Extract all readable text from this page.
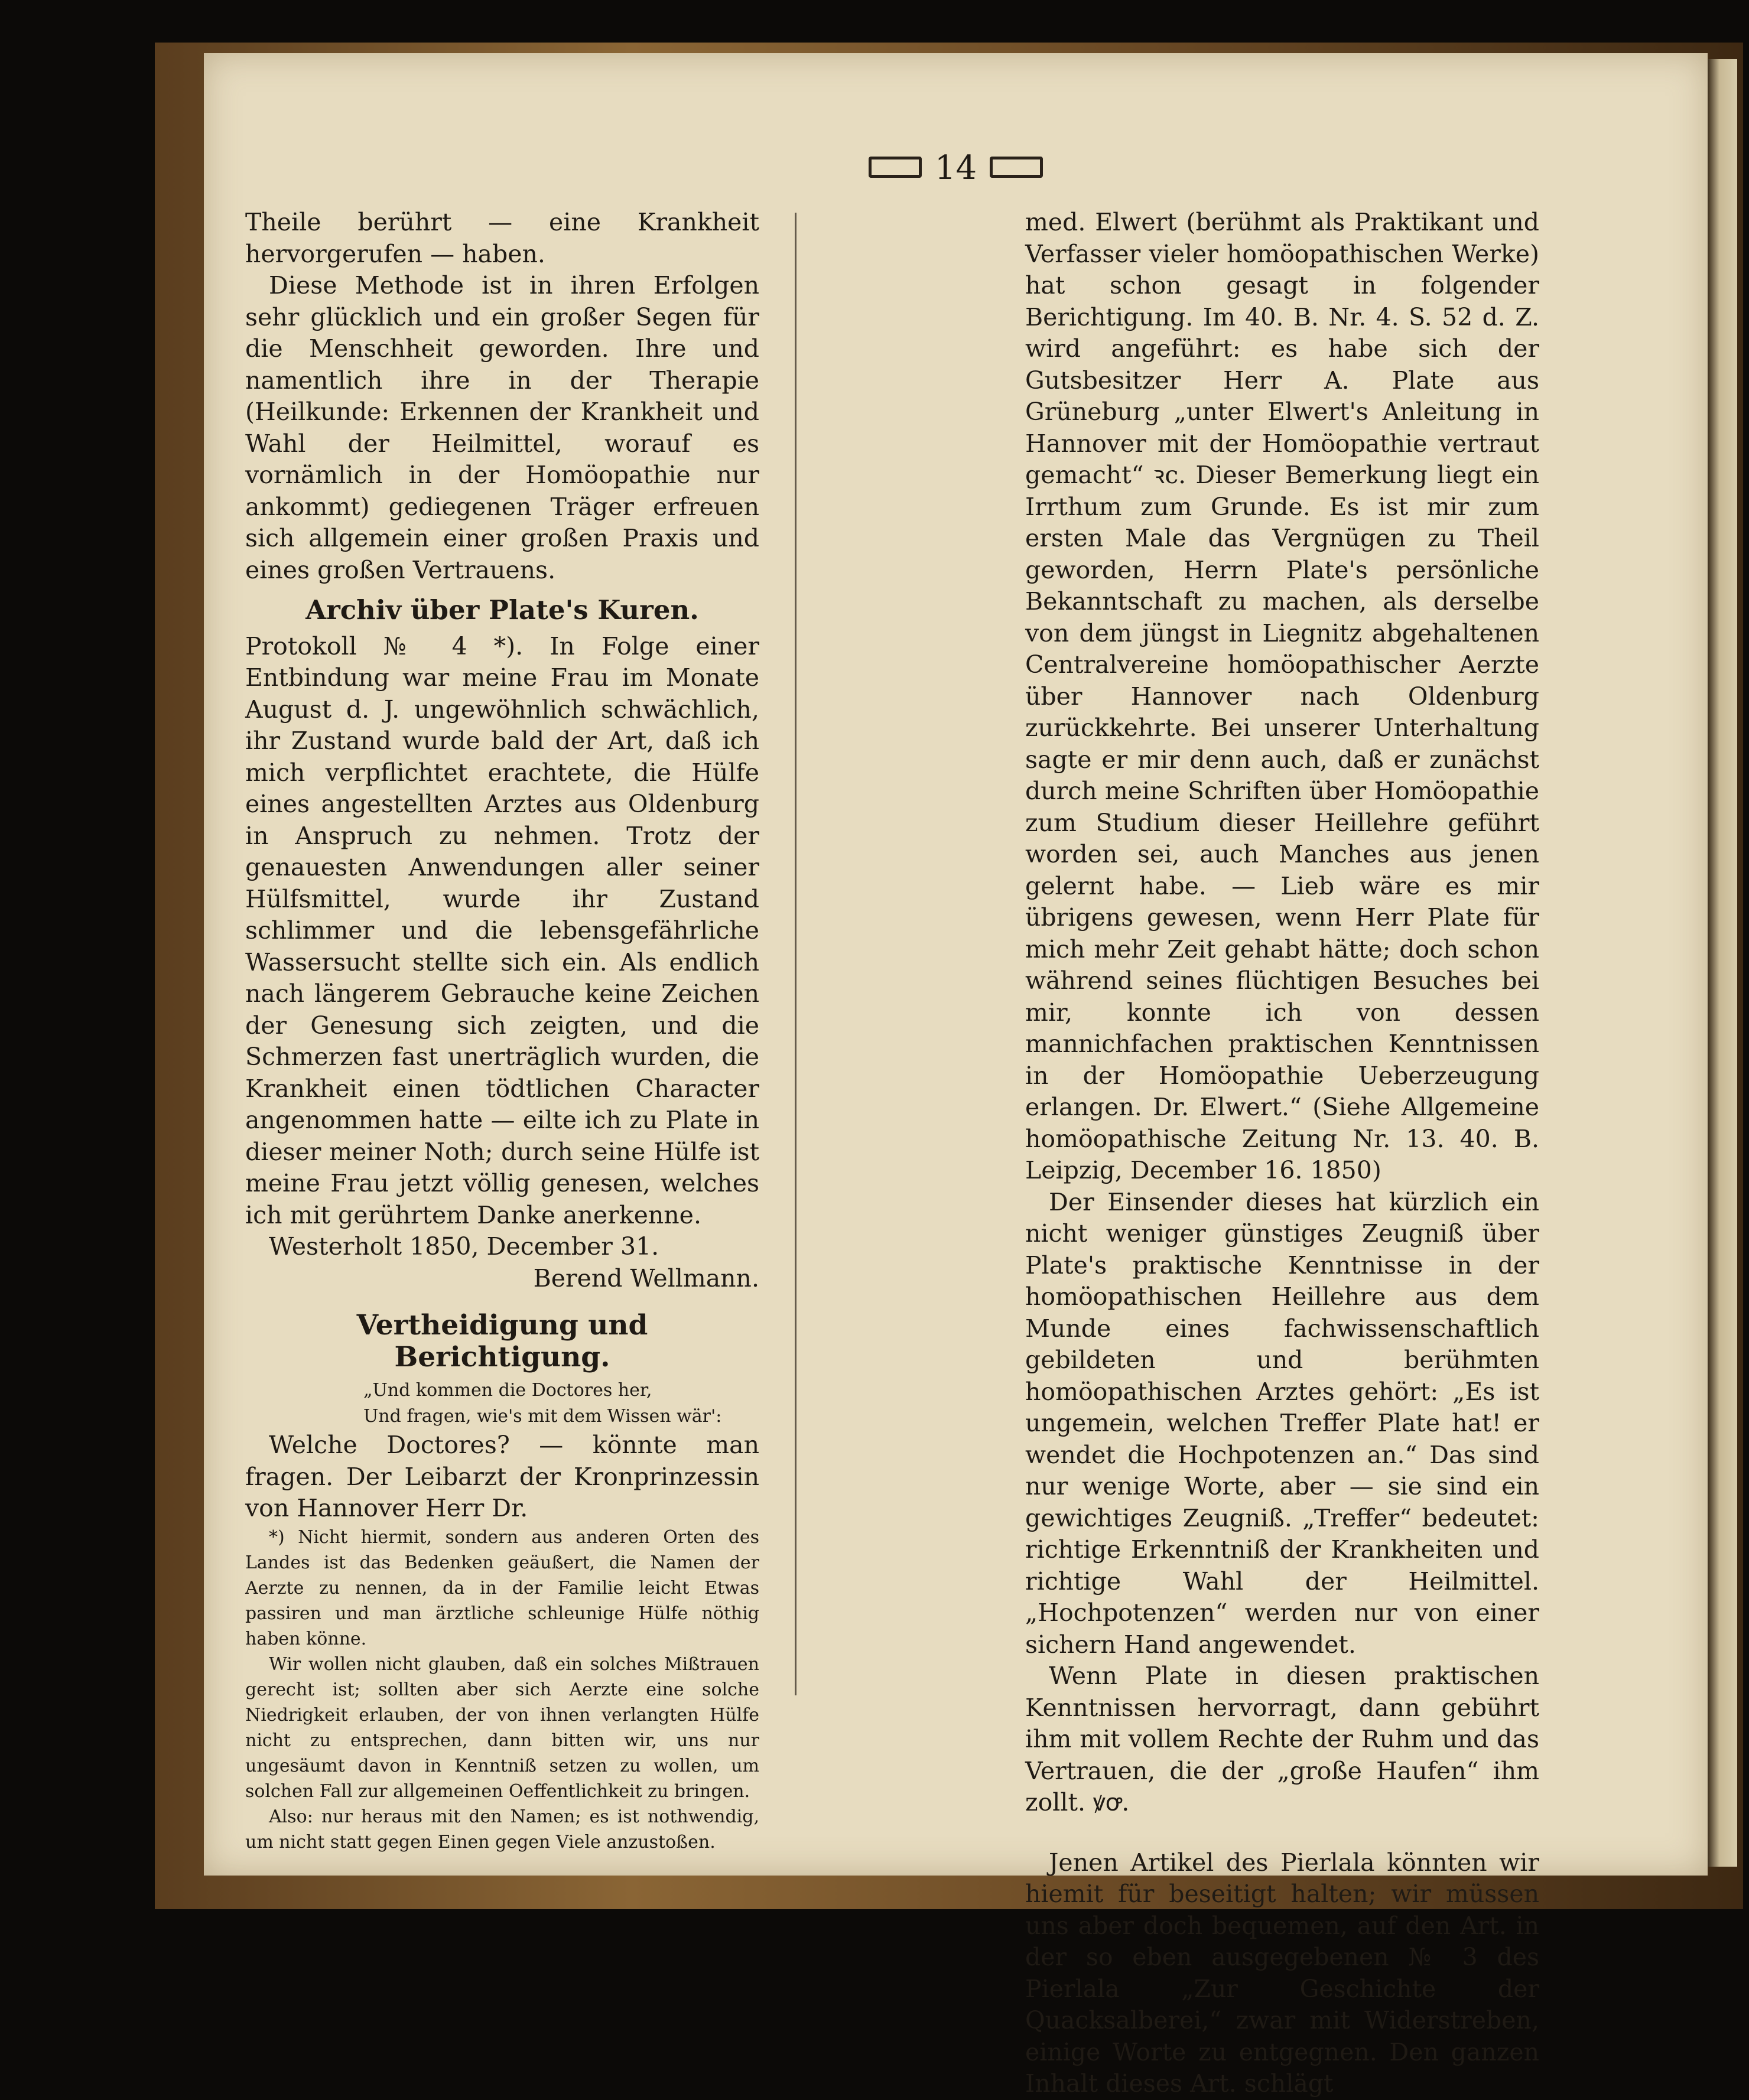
14

Theile berührt — eine Krankheit hervorgerufen — haben.

Diese Methode ist in ihren Erfolgen sehr glücklich und ein großer Segen für die Menschheit geworden. Ihre und namentlich ihre in der Therapie (Heilkunde: Erkennen der Krankheit und Wahl der Heilmittel, worauf es vornämlich in der Homöopathie nur ankommt) gediegenen Träger erfreuen sich allgemein einer großen Praxis und eines großen Vertrauens.

Archiv über Plate's Kuren.

Protokoll № 4 *). In Folge einer Entbindung war meine Frau im Monate August d. J. ungewöhnlich schwächlich, ihr Zustand wurde bald der Art, daß ich mich verpflichtet erachtete, die Hülfe eines angestellten Arztes aus Oldenburg in Anspruch zu nehmen. Trotz der genauesten Anwendungen aller seiner Hülfsmittel, wurde ihr Zustand schlimmer und die lebensgefährliche Wassersucht stellte sich ein. Als endlich nach längerem Gebrauche keine Zeichen der Genesung sich zeigten, und die Schmerzen fast unerträglich wurden, die Krankheit einen tödtlichen Character angenommen hatte — eilte ich zu Plate in dieser meiner Noth; durch seine Hülfe ist meine Frau jetzt völlig genesen, welches ich mit gerührtem Danke anerkenne.

Westerholt 1850, December 31.

Berend Wellmann.

Vertheidigung und Berichtigung.

„Und kommen die Doctores her,

Und fragen, wie's mit dem Wissen wär':

Welche Doctores? — könnte man fragen. Der Leibarzt der Kronprinzessin von Hannover Herr Dr.

*) Nicht hiermit, sondern aus anderen Orten des Landes ist das Bedenken geäußert, die Namen der Aerzte zu nennen, da in der Familie leicht Etwas passiren und man ärztliche schleunige Hülfe nöthig haben könne.

Wir wollen nicht glauben, daß ein solches Mißtrauen gerecht ist; sollten aber sich Aerzte eine solche Niedrigkeit erlauben, der von ihnen verlangten Hülfe nicht zu entsprechen, dann bitten wir, uns nur ungesäumt davon in Kenntniß setzen zu wollen, um solchen Fall zur allgemeinen Oeffentlichkeit zu bringen.

Also: nur heraus mit den Namen; es ist nothwendig, um nicht statt gegen Einen gegen Viele anzustoßen.

med. Elwert (berühmt als Praktikant und Verfasser vieler homöopathischen Werke) hat schon gesagt in folgender Berichtigung. Im 40. B. Nr. 4. S. 52 d. Z. wird angeführt: es habe sich der Gutsbesitzer Herr A. Plate aus Grüneburg „unter Elwert's Anleitung in Hannover mit der Homöopathie vertraut gemacht“ ꝛc. Dieser Bemerkung liegt ein Irrthum zum Grunde. Es ist mir zum ersten Male das Vergnügen zu Theil geworden, Herrn Plate's persönliche Bekanntschaft zu machen, als derselbe von dem jüngst in Liegnitz abgehaltenen Centralvereine homöopathischer Aerzte über Hannover nach Oldenburg zurückkehrte. Bei unserer Unterhaltung sagte er mir denn auch, daß er zunächst durch meine Schriften über Homöopathie zum Studium dieser Heillehre geführt worden sei, auch Manches aus jenen gelernt habe. — Lieb wäre es mir übrigens gewesen, wenn Herr Plate für mich mehr Zeit gehabt hätte; doch schon während seines flüchtigen Besuches bei mir, konnte ich von dessen mannichfachen praktischen Kenntnissen in der Homöopathie Ueberzeugung erlangen. Dr. Elwert.“ (Siehe Allgemeine homöopathische Zeitung Nr. 13. 40. B. Leipzig, December 16. 1850)

Der Einsender dieses hat kürzlich ein nicht weniger günstiges Zeugniß über Plate's praktische Kenntnisse in der homöopathischen Heillehre aus dem Munde eines fachwissenschaftlich gebildeten und berühmten homöopathischen Arztes gehört: „Es ist ungemein, welchen Treffer Plate hat! er wendet die Hochpotenzen an.“ Das sind nur wenige Worte, aber — sie sind ein gewichtiges Zeugniß. „Treffer“ bedeutet: richtige Erkenntniß der Krankheiten und richtige Wahl der Heilmittel. „Hochpotenzen“ werden nur von einer sichern Hand angewendet.

Wenn Plate in diesen praktischen Kenntnissen hervorragt, dann gebührt ihm mit vollem Rechte der Ruhm und das Vertrauen, die der „große Haufen“ ihm zollt. ꝟꝍ.

Jenen Artikel des Pierlala könnten wir hiemit für beseitigt halten; wir müssen uns aber doch bequemen, auf den Art. in der so eben ausgegebenen № 3 des Pierlala „Zur Geschichte der Quacksalberei,“ zwar mit Widerstreben, einige Worte zu entgegnen. Den ganzen Inhalt dieses Art. schlägt
